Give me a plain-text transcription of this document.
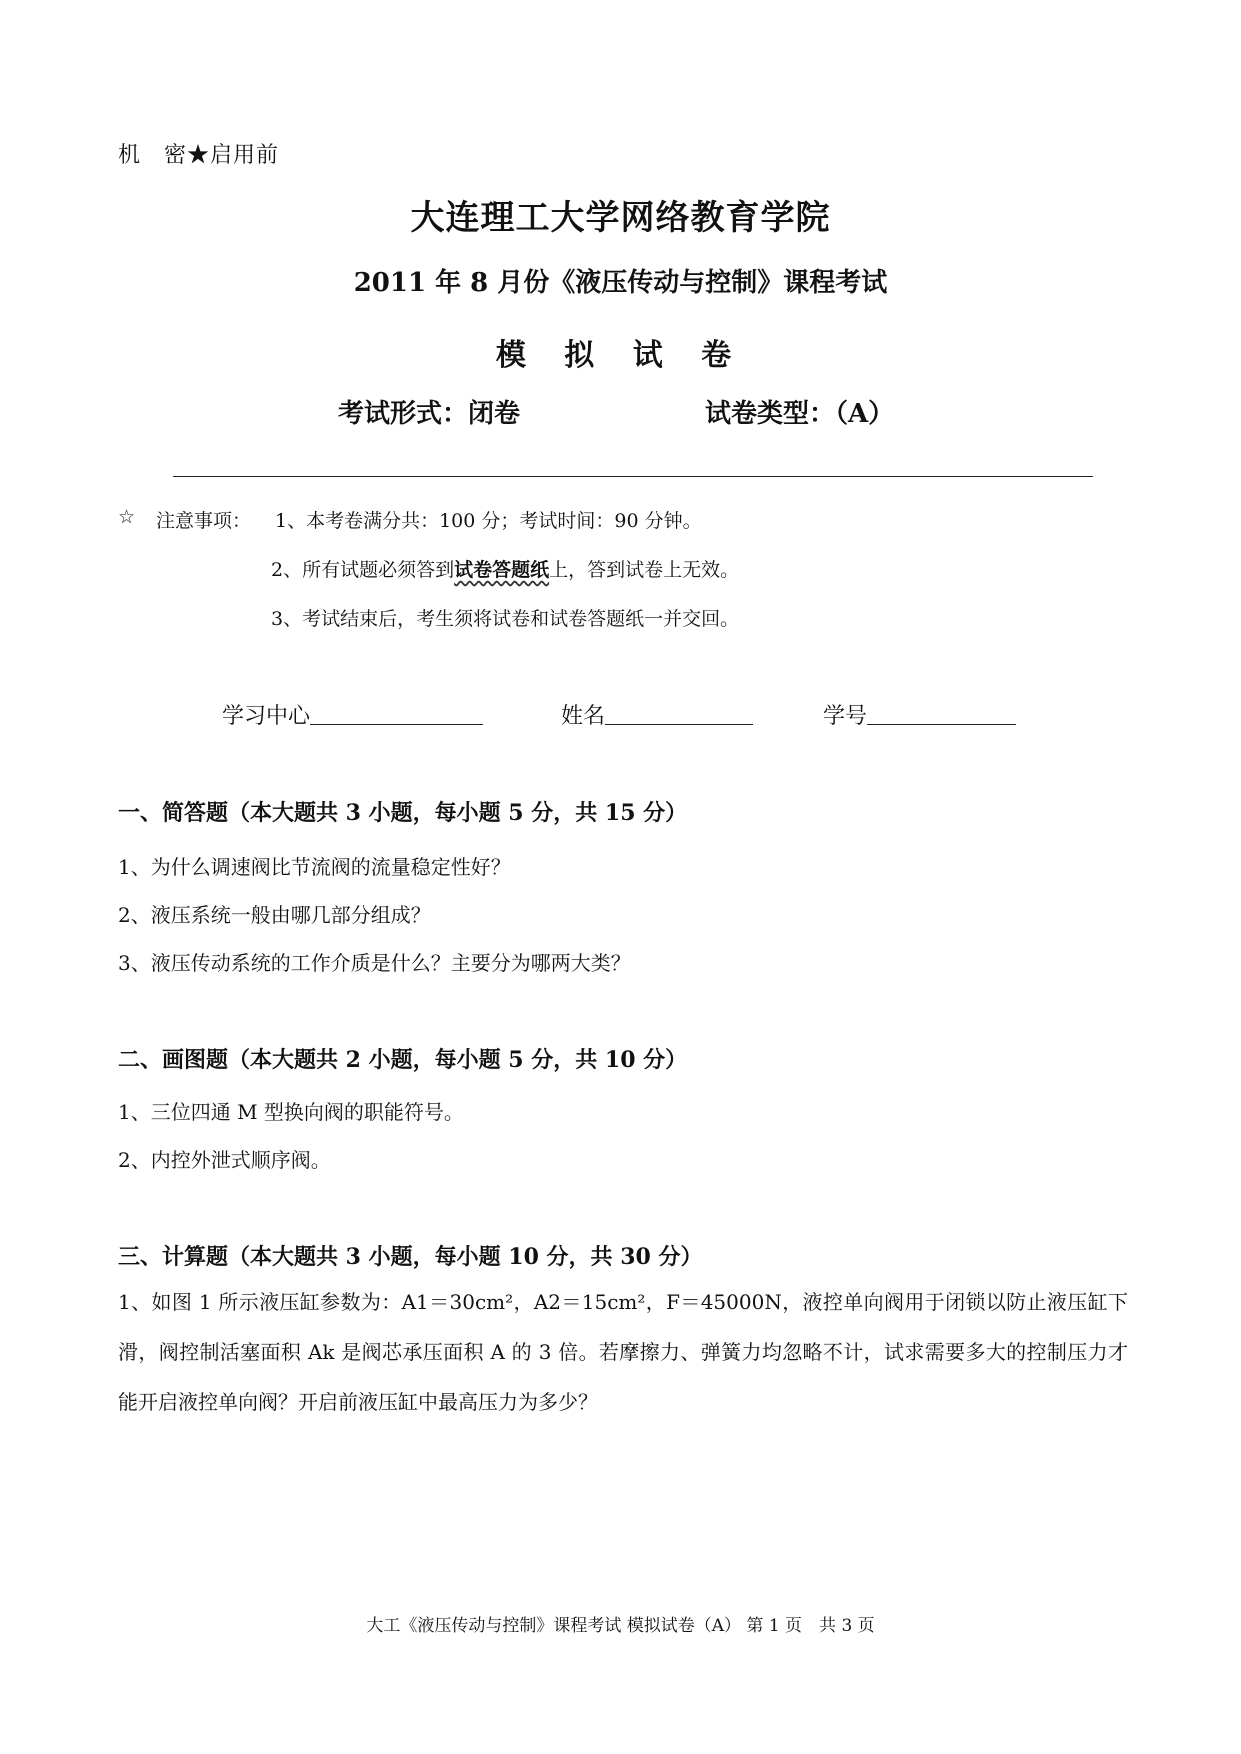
机　密★启用前
大连理工大学网络教育学院
2011 年 8 月份《液压传动与控制》课程考试
模 拟 试 卷
考试形式：闭卷	试卷类型：（A）
☆ 注意事项： 1、本考卷满分共：100 分；考试时间：90 分钟。
2、所有试题必须答到试卷答题纸上，答到试卷上无效。
3、考试结束后，考生须将试卷和试卷答题纸一并交回。
学习中心	姓名	学号
一、简答题（本大题共 3 小题，每小题 5 分，共 15 分）
1、为什么调速阀比节流阀的流量稳定性好？
2、液压系统一般由哪几部分组成？
3、液压传动系统的工作介质是什么？主要分为哪两大类？
二、画图题（本大题共 2 小题，每小题 5 分，共 10 分）
1、三位四通 M 型换向阀的职能符号。
2、内控外泄式顺序阀。
三、计算题（本大题共 3 小题，每小题 10 分，共 30 分）
1、如图 1 所示液压缸参数为：A1＝30cm²，A2＝15cm²，F＝45000N，液控单向阀用于闭锁以防止液压缸下滑，阀控制活塞面积 Ak 是阀芯承压面积 A 的 3 倍。若摩擦力、弹簧力均忽略不计，试求需要多大的控制压力才能开启液控单向阀？开启前液压缸中最高压力为多少？
大工《液压传动与控制》课程考试 模拟试卷（A） 第 1 页　共 3 页
